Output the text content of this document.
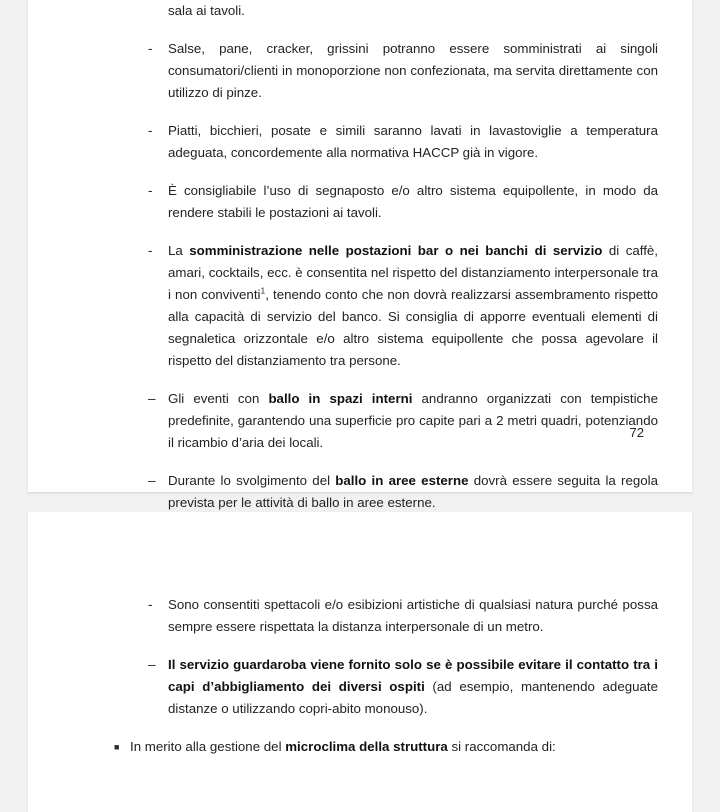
sala ai tavoli.

-	Salse, pane, cracker, grissini potranno essere somministrati ai singoli consumatori/clienti in monoporzione non confezionata, ma servita direttamente con utilizzo di pinze.

-	Piatti, bicchieri, posate e simili saranno lavati in lavastoviglie a temperatura adeguata, concordemente alla normativa HACCP già in vigore.

-	È consigliabile l’uso di segnaposto e/o altro sistema equipollente, in modo da rendere stabili le postazioni ai tavoli.

-	La somministrazione nelle postazioni bar o nei banchi di servizio di caffè, amari, cocktails, ecc. è consentita nel rispetto del distanziamento interpersonale tra i non conviventi$^1$, tenendo conto che non dovrà realizzarsi assembramento rispetto alla capacità di servizio del banco. Si consiglia di apporre eventuali elementi di segnaletica orizzontale e/o altro sistema equipollente che possa agevolare il rispetto del distanziamento tra persone.

– Gli eventi con ballo in spazi interni andranno organizzati con tempistiche predefinite, garantendo una superficie pro capite pari a 2 metri quadri, potenziando il ricambio d’aria dei locali.

– Durante lo svolgimento del ballo in aree esterne dovrà essere seguita la regola prevista per le attività di ballo in aree esterne.

72
-	Sono consentiti spettacoli e/o esibizioni artistiche di qualsiasi natura purché possa sempre essere rispettata la distanza interpersonale di un metro.

– Il servizio guardaroba viene fornito solo se è possibile evitare il contatto tra i capi d’abbigliamento dei diversi ospiti (ad esempio, mantenendo adeguate distanze o utilizzando copri-abito monouso).

■ In merito alla gestione del microclima della struttura si raccomanda di:
